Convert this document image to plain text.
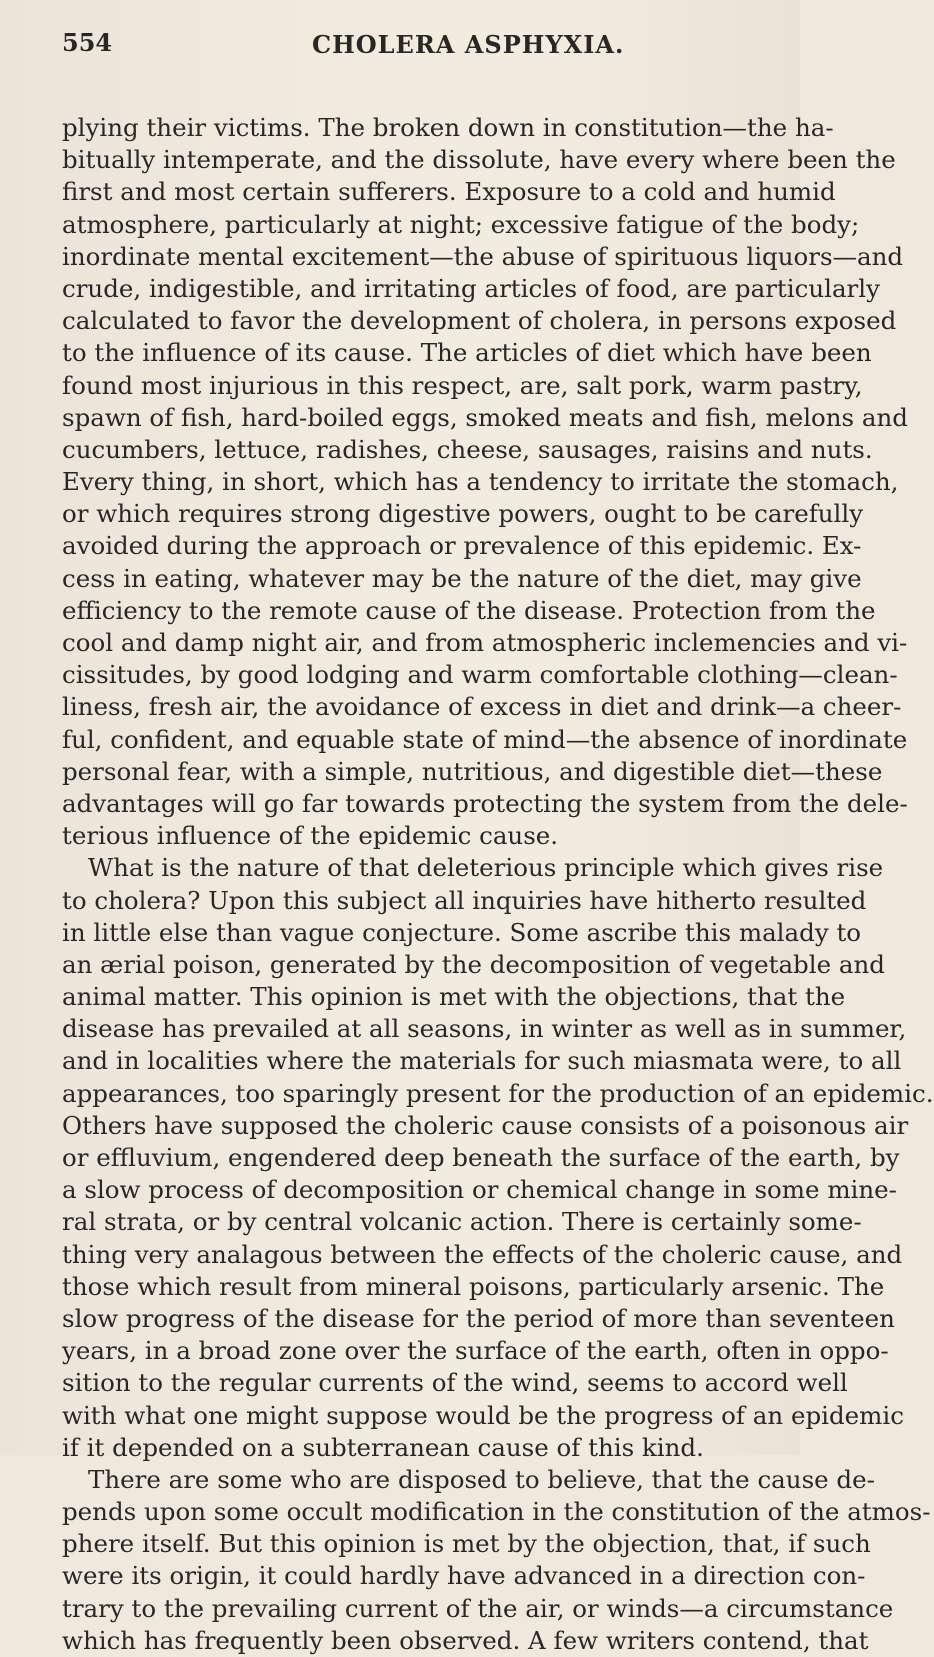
554	CHOLERA ASPHYXIA.
plying their victims. The broken down in constitution—the ha-
bitually intemperate, and the dissolute, have every where been the
first and most certain sufferers. Exposure to a cold and humid
atmosphere, particularly at night; excessive fatigue of the body;
inordinate mental excitement—the abuse of spirituous liquors—and
crude, indigestible, and irritating articles of food, are particularly
calculated to favor the development of cholera, in persons exposed
to the influence of its cause. The articles of diet which have been
found most injurious in this respect, are, salt pork, warm pastry,
spawn of fish, hard-boiled eggs, smoked meats and fish, melons and
cucumbers, lettuce, radishes, cheese, sausages, raisins and nuts.
Every thing, in short, which has a tendency to irritate the stomach,
or which requires strong digestive powers, ought to be carefully
avoided during the approach or prevalence of this epidemic. Ex-
cess in eating, whatever may be the nature of the diet, may give
efficiency to the remote cause of the disease. Protection from the
cool and damp night air, and from atmospheric inclemencies and vi-
cissitudes, by good lodging and warm comfortable clothing—clean-
liness, fresh air, the avoidance of excess in diet and drink—a cheer-
ful, confident, and equable state of mind—the absence of inordinate
personal fear, with a simple, nutritious, and digestible diet—these
advantages will go far towards protecting the system from the dele-
terious influence of the epidemic cause.
What is the nature of that deleterious principle which gives rise
to cholera? Upon this subject all inquiries have hitherto resulted
in little else than vague conjecture. Some ascribe this malady to
an ærial poison, generated by the decomposition of vegetable and
animal matter. This opinion is met with the objections, that the
disease has prevailed at all seasons, in winter as well as in summer,
and in localities where the materials for such miasmata were, to all
appearances, too sparingly present for the production of an epidemic.
Others have supposed the choleric cause consists of a poisonous air
or effluvium, engendered deep beneath the surface of the earth, by
a slow process of decomposition or chemical change in some mine-
ral strata, or by central volcanic action. There is certainly some-
thing very analagous between the effects of the choleric cause, and
those which result from mineral poisons, particularly arsenic. The
slow progress of the disease for the period of more than seventeen
years, in a broad zone over the surface of the earth, often in oppo-
sition to the regular currents of the wind, seems to accord well
with what one might suppose would be the progress of an epidemic
if it depended on a subterranean cause of this kind.
There are some who are disposed to believe, that the cause de-
pends upon some occult modification in the constitution of the atmos-
phere itself. But this opinion is met by the objection, that, if such
were its origin, it could hardly have advanced in a direction con-
trary to the prevailing current of the air, or winds—a circumstance
which has frequently been observed. A few writers contend, that
